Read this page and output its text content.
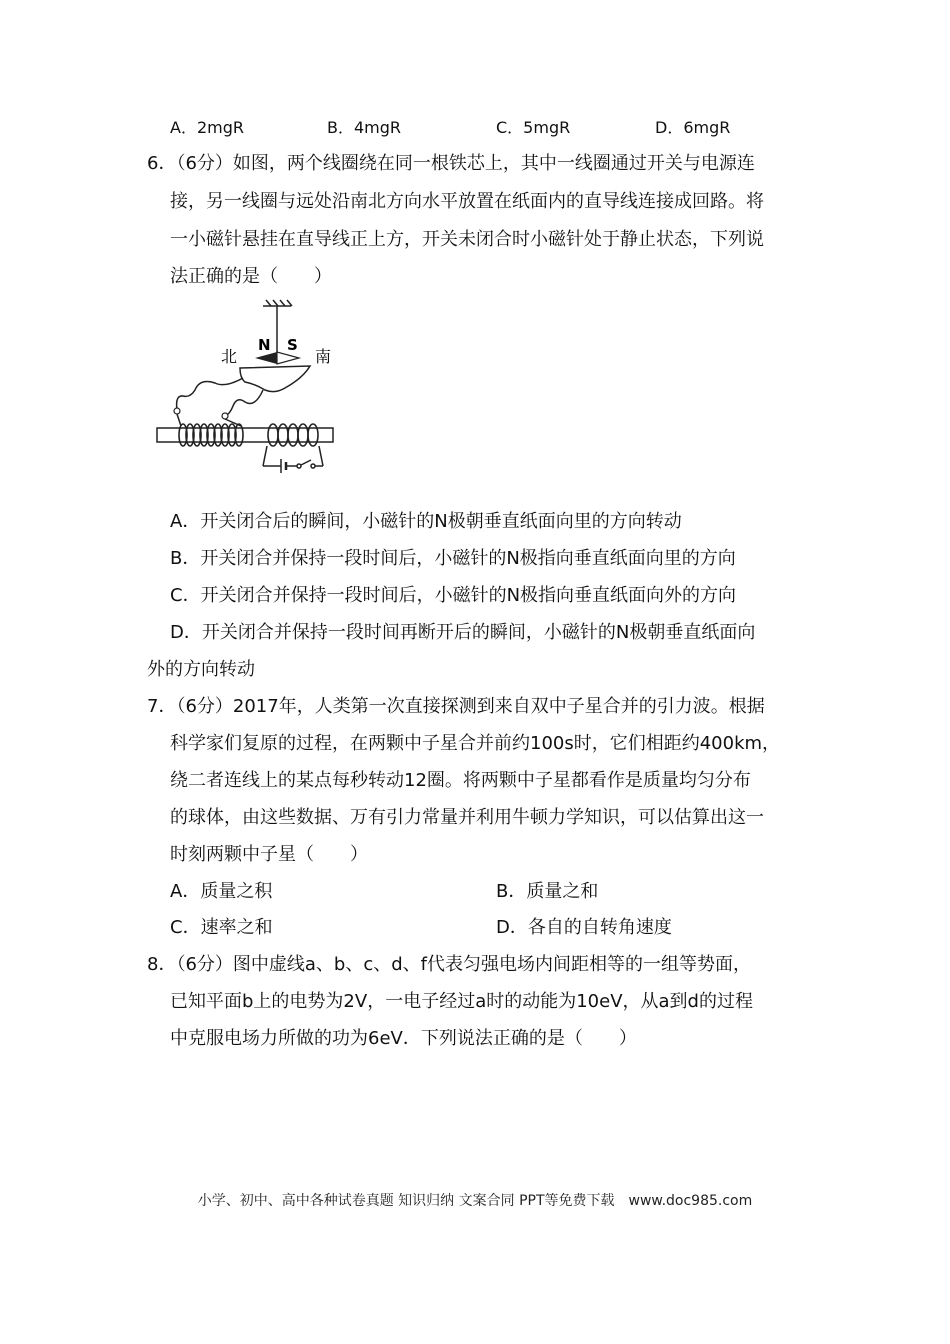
A．2mgR	B．4mgR	C．5mgR	D．6mgR
6．（6分）如图，两个线圈绕在同一根铁芯上，其中一线圈通过开关与电源连
接，另一线圈与远处沿南北方向水平放置在纸面内的直导线连接成回路。将
一小磁针悬挂在直导线正上方，开关未闭合时小磁针处于静止状态，下列说
法正确的是（　　）
N S
北	南
A．开关闭合后的瞬间，小磁针的N极朝垂直纸面向里的方向转动
B．开关闭合并保持一段时间后，小磁针的N极指向垂直纸面向里的方向
C．开关闭合并保持一段时间后，小磁针的N极指向垂直纸面向外的方向
D．开关闭合并保持一段时间再断开后的瞬间，小磁针的N极朝垂直纸面向
外的方向转动
7．（6分）2017年，人类第一次直接探测到来自双中子星合并的引力波。根据
科学家们复原的过程，在两颗中子星合并前约100s时，它们相距约400km，
绕二者连线上的某点每秒转动12圈。将两颗中子星都看作是质量均匀分布
的球体，由这些数据、万有引力常量并利用牛顿力学知识，可以估算出这一
时刻两颗中子星（　　）
A．质量之积	B．质量之和
C．速率之和	D．各自的自转角速度
8．（6分）图中虚线a、b、c、d、f代表匀强电场内间距相等的一组等势面，
已知平面b上的电势为2V，一电子经过a时的动能为10eV，从a到d的过程
中克服电场力所做的功为6eV．下列说法正确的是（　　）
小学、初中、高中各种试卷真题 知识归纳 文案合同 PPT等免费下载　www.doc985.com
